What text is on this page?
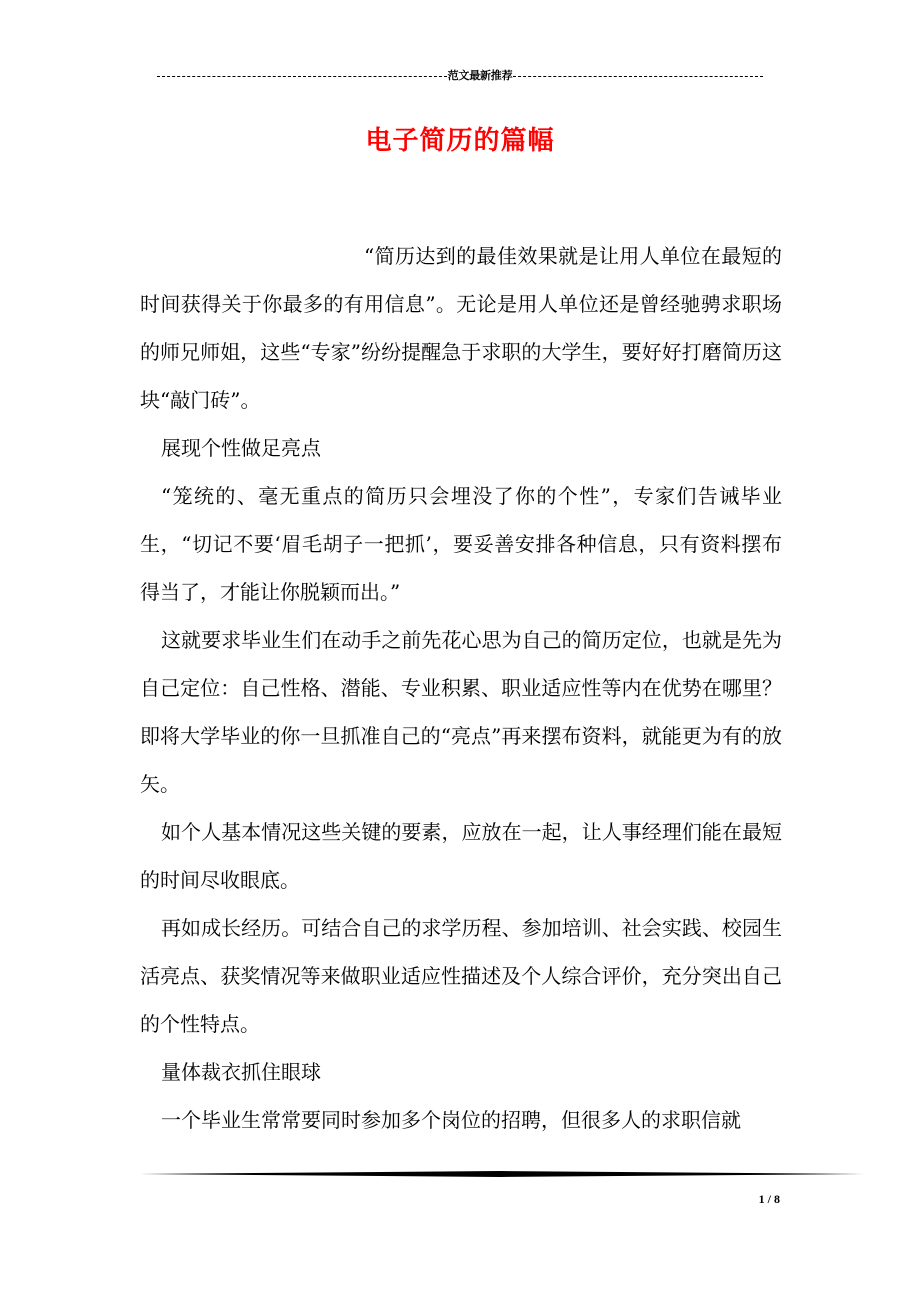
范文最新推荐
电子简历的篇幅

“简历达到的最佳效果就是让用人单位在最短的时间获得关于你最多的有用信息”。无论是用人单位还是曾经驰骋求职场的师兄师姐，这些“专家”纷纷提醒急于求职的大学生，要好好打磨简历这块“敲门砖”。

展现个性做足亮点

“笼统的、毫无重点的简历只会埋没了你的个性”，专家们告诫毕业生，“切记不要‘眉毛胡子一把抓’，要妥善安排各种信息，只有资料摆布得当了，才能让你脱颖而出。”

这就要求毕业生们在动手之前先花心思为自己的简历定位，也就是先为自己定位：自己性格、潜能、专业积累、职业适应性等内在优势在哪里？即将大学毕业的你一旦抓准自己的“亮点”再来摆布资料，就能更为有的放矢。

如个人基本情况这些关键的要素，应放在一起，让人事经理们能在最短的时间尽收眼底。

再如成长经历。可结合自己的求学历程、参加培训、社会实践、校园生活亮点、获奖情况等来做职业适应性描述及个人综合评价，充分突出自己的个性特点。

量体裁衣抓住眼球

一个毕业生常常要同时参加多个岗位的招聘，但很多人的求职信就

1 / 8
